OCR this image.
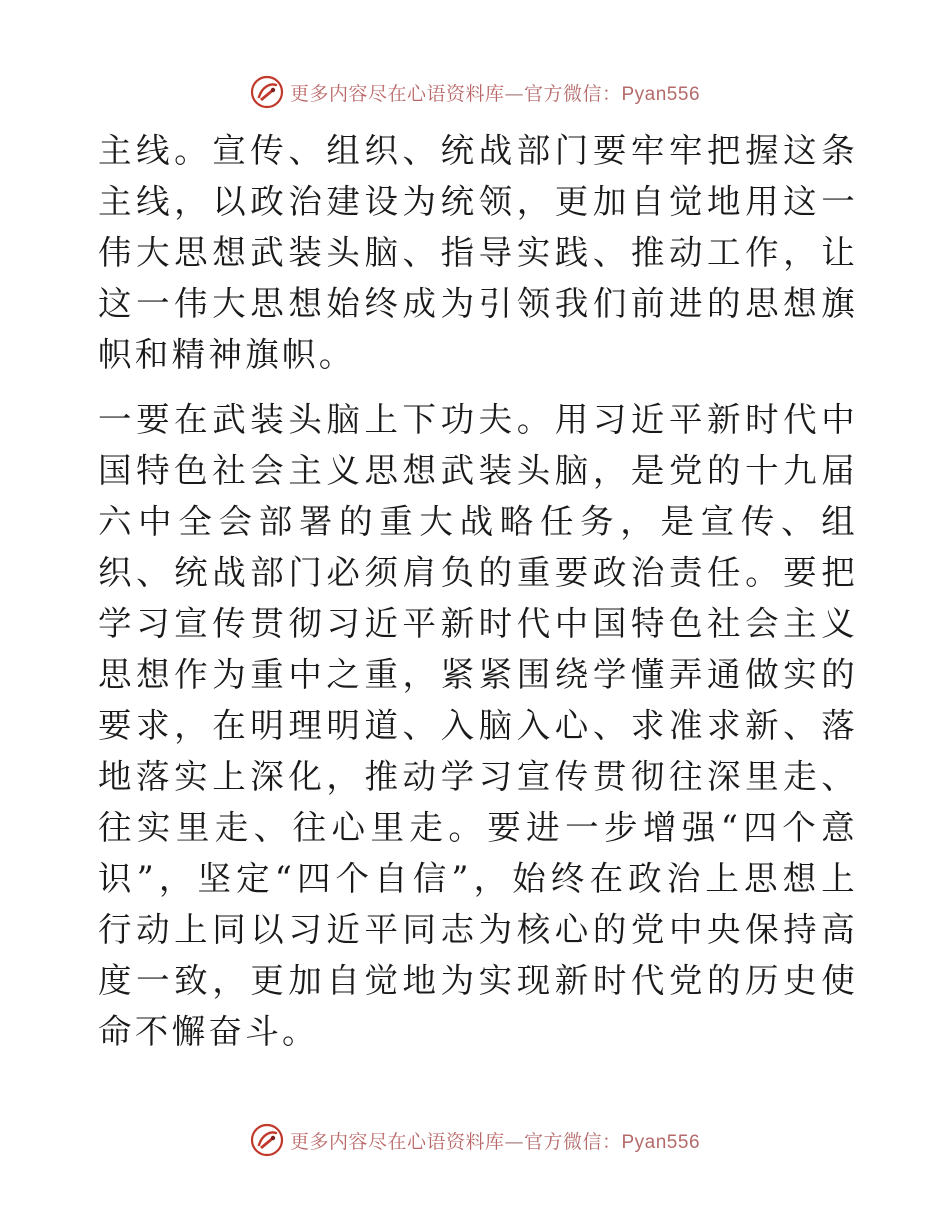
更多内容尽在心语资料库—官方微信：Pyan556

主线。宣传、组织、统战部门要牢牢把握这条主线，以政治建设为统领，更加自觉地用这一伟大思想武装头脑、指导实践、推动工作，让这一伟大思想始终成为引领我们前进的思想旗帜和精神旗帜。

一要在武装头脑上下功夫。用习近平新时代中国特色社会主义思想武装头脑，是党的十九届六中全会部署的重大战略任务，是宣传、组织、统战部门必须肩负的重要政治责任。要把学习宣传贯彻习近平新时代中国特色社会主义思想作为重中之重，紧紧围绕学懂弄通做实的要求，在明理明道、入脑入心、求准求新、落地落实上深化，推动学习宣传贯彻往深里走、往实里走、往心里走。要进一步增强“四个意识”，坚定“四个自信”，始终在政治上思想上行动上同以习近平同志为核心的党中央保持高度一致，更加自觉地为实现新时代党的历史使命不懈奋斗。

更多内容尽在心语资料库—官方微信：Pyan556
